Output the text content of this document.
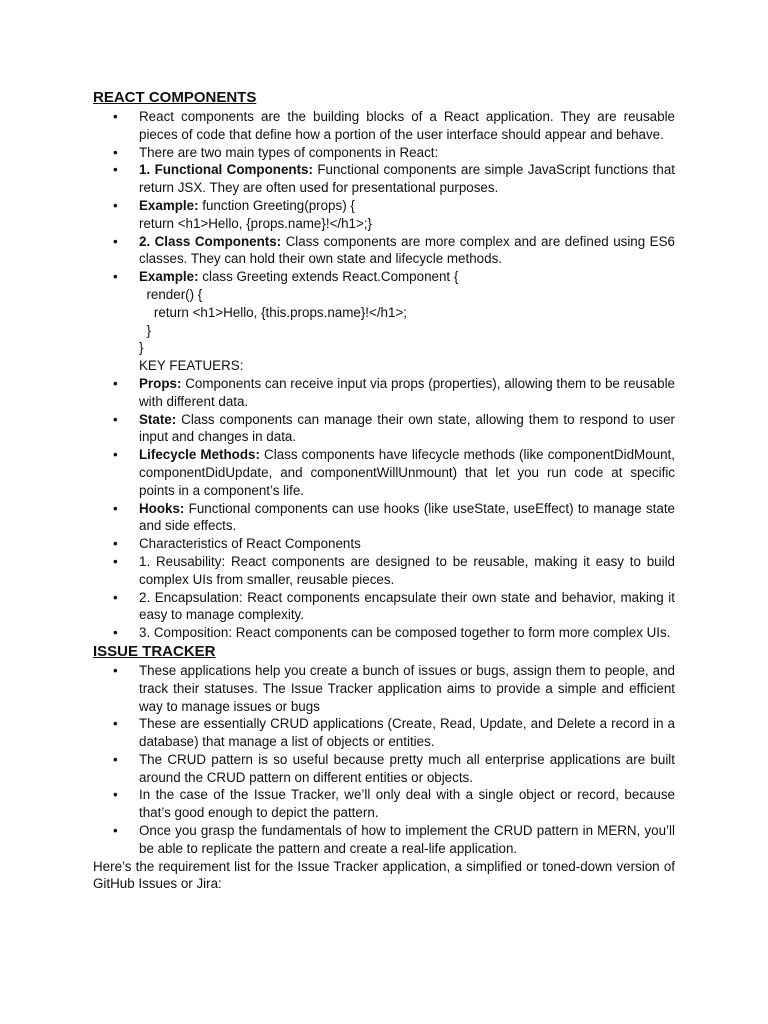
REACT COMPONENTS
• React components are the building blocks of a React application. They are reusable pieces of code that define how a portion of the user interface should appear and behave.
• There are two main types of components in React:
• 1. Functional Components: Functional components are simple JavaScript functions that return JSX. They are often used for presentational purposes.
• Example: function Greeting(props) {
return <h1>Hello, {props.name}!</h1>;}
• 2. Class Components: Class components are more complex and are defined using ES6 classes. They can hold their own state and lifecycle methods.
• Example: class Greeting extends React.Component {
render() {
return <h1>Hello, {this.props.name}!</h1>;
}
}
KEY FEATUERS:
• Props: Components can receive input via props (properties), allowing them to be reusable with different data.
• State: Class components can manage their own state, allowing them to respond to user input and changes in data.
• Lifecycle Methods: Class components have lifecycle methods (like componentDidMount, componentDidUpdate, and componentWillUnmount) that let you run code at specific points in a component’s life.
• Hooks: Functional components can use hooks (like useState, useEffect) to manage state and side effects.
• Characteristics of React Components
• 1. Reusability: React components are designed to be reusable, making it easy to build complex UIs from smaller, reusable pieces.
• 2. Encapsulation: React components encapsulate their own state and behavior, making it easy to manage complexity.
• 3. Composition: React components can be composed together to form more complex UIs.
ISSUE TRACKER
• These applications help you create a bunch of issues or bugs, assign them to people, and track their statuses. The Issue Tracker application aims to provide a simple and efficient way to manage issues or bugs
• These are essentially CRUD applications (Create, Read, Update, and Delete a record in a database) that manage a list of objects or entities.
• The CRUD pattern is so useful because pretty much all enterprise applications are built around the CRUD pattern on different entities or objects.
• In the case of the Issue Tracker, we’ll only deal with a single object or record, because that’s good enough to depict the pattern.
• Once you grasp the fundamentals of how to implement the CRUD pattern in MERN, you’ll be able to replicate the pattern and create a real-life application.

Here’s the requirement list for the Issue Tracker application, a simplified or toned-down version of GitHub Issues or Jira:
